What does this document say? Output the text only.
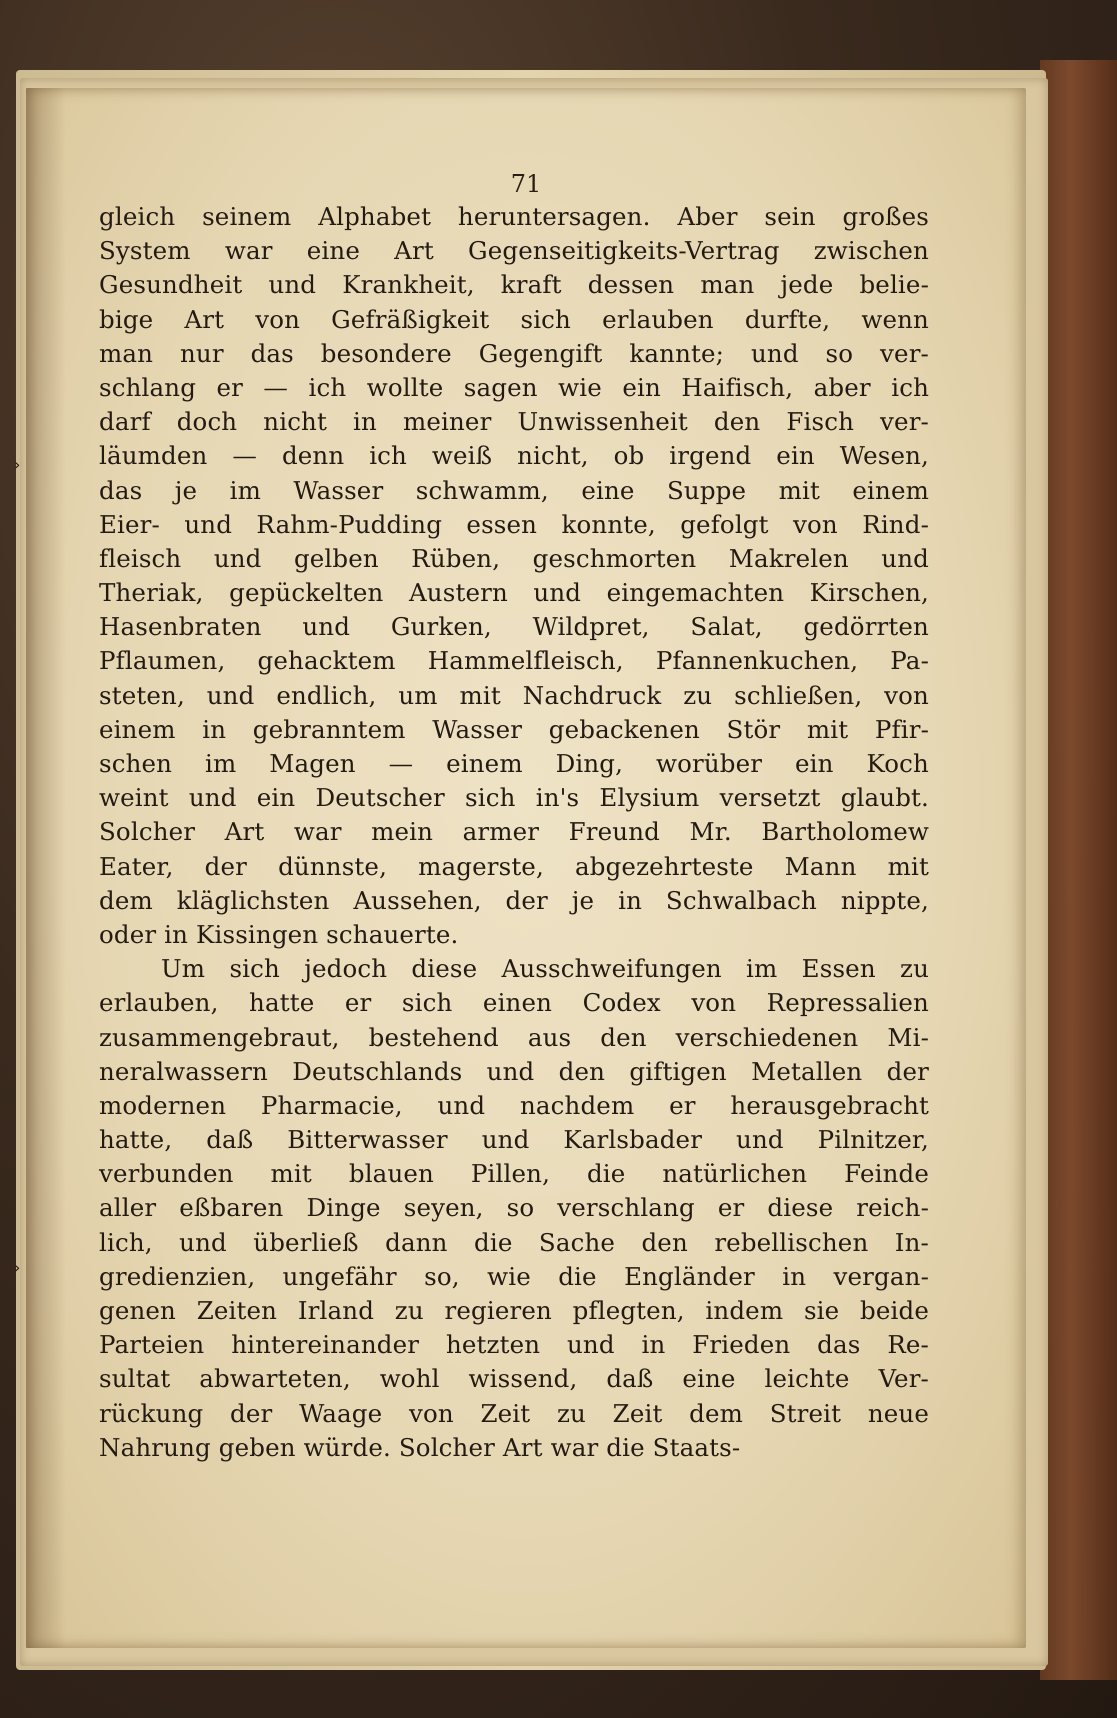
71
gleich seinem Alphabet heruntersagen. Aber sein großes
System war eine Art Gegenseitigkeits-Vertrag zwischen
Gesundheit und Krankheit, kraft dessen man jede belie-
bige Art von Gefräßigkeit sich erlauben durfte, wenn
man nur das besondere Gegengift kannte; und so ver-
schlang er — ich wollte sagen wie ein Haifisch, aber ich
darf doch nicht in meiner Unwissenheit den Fisch ver-
läumden — denn ich weiß nicht, ob irgend ein Wesen,
das je im Wasser schwamm, eine Suppe mit einem
Eier- und Rahm-Pudding essen konnte, gefolgt von Rind-
fleisch und gelben Rüben, geschmorten Makrelen und
Theriak, gepückelten Austern und eingemachten Kirschen,
Hasenbraten und Gurken, Wildpret, Salat, gedörrten
Pflaumen, gehacktem Hammelfleisch, Pfannenkuchen, Pa-
steten, und endlich, um mit Nachdruck zu schließen, von
einem in gebranntem Wasser gebackenen Stör mit Pfir-
schen im Magen — einem Ding, worüber ein Koch
weint und ein Deutscher sich in's Elysium versetzt glaubt.
Solcher Art war mein armer Freund Mr. Bartholomew
Eater, der dünnste, magerste, abgezehrteste Mann mit
dem kläglichsten Aussehen, der je in Schwalbach nippte,
oder in Kissingen schauerte.
Um sich jedoch diese Ausschweifungen im Essen zu
erlauben, hatte er sich einen Codex von Repressalien
zusammengebraut, bestehend aus den verschiedenen Mi-
neralwassern Deutschlands und den giftigen Metallen der
modernen Pharmacie, und nachdem er herausgebracht
hatte, daß Bitterwasser und Karlsbader und Pilnitzer,
verbunden mit blauen Pillen, die natürlichen Feinde
aller eßbaren Dinge seyen, so verschlang er diese reich-
lich, und überließ dann die Sache den rebellischen In-
gredienzien, ungefähr so, wie die Engländer in vergan-
genen Zeiten Irland zu regieren pflegten, indem sie beide
Parteien hintereinander hetzten und in Frieden das Re-
sultat abwarteten, wohl wissend, daß eine leichte Ver-
rückung der Waage von Zeit zu Zeit dem Streit neue
Nahrung geben würde. Solcher Art war die Staats-
›
›
